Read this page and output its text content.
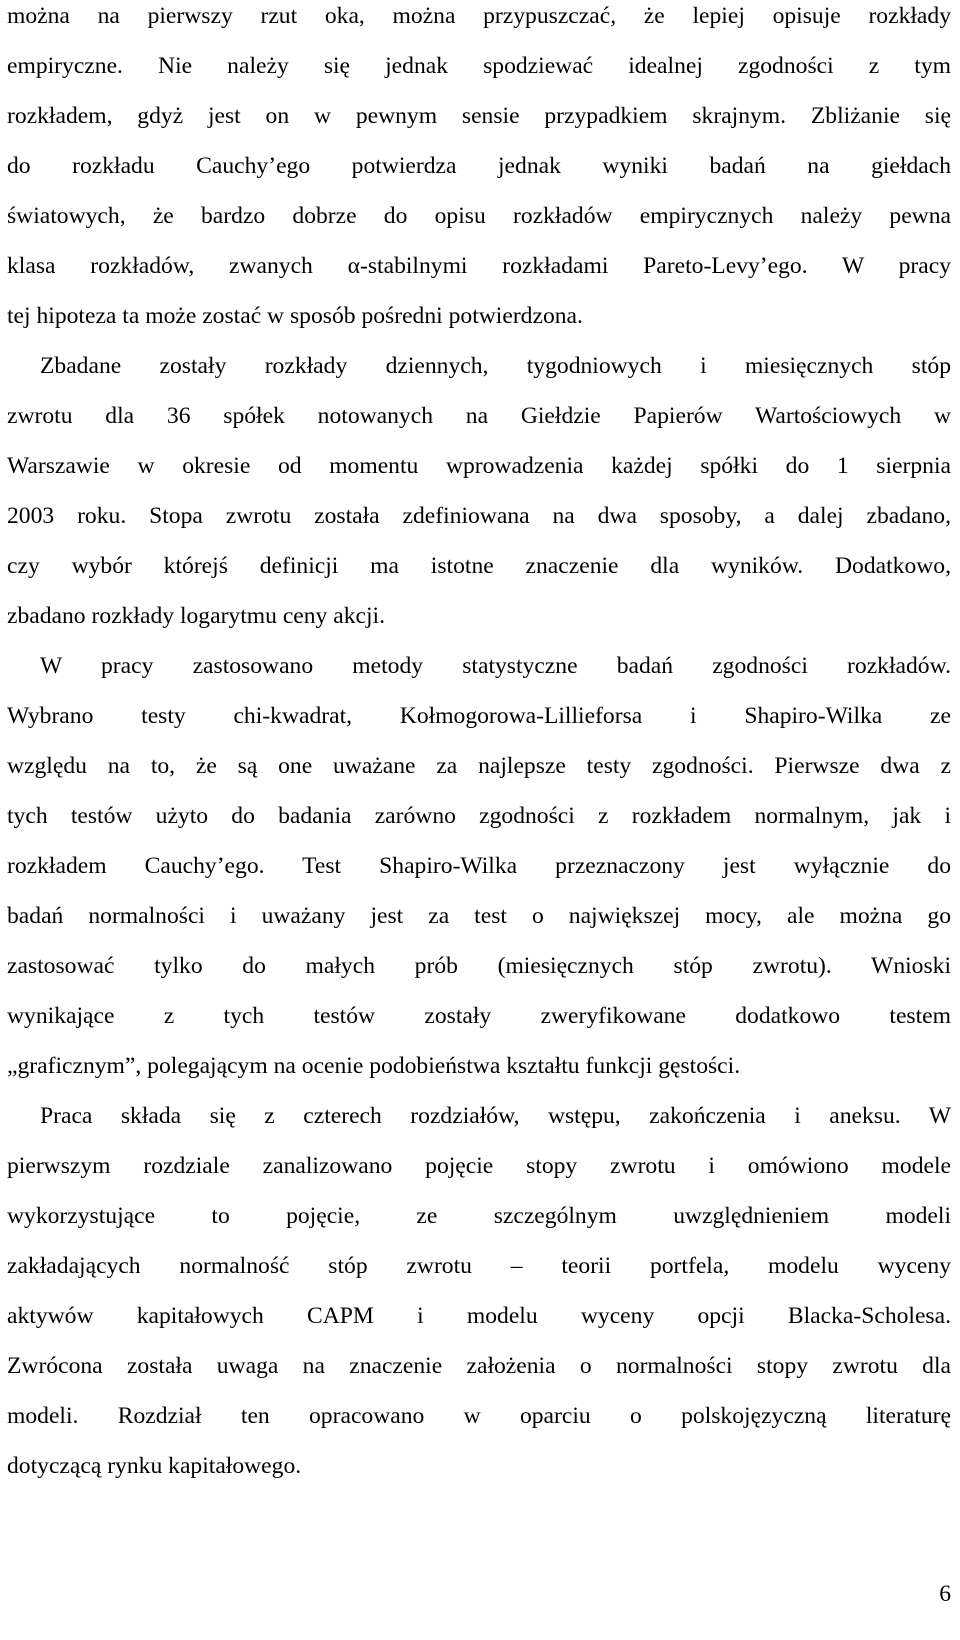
można na pierwszy rzut oka, można przypuszczać, że lepiej opisuje rozkłady
empiryczne. Nie należy się jednak spodziewać idealnej zgodności z tym
rozkładem, gdyż jest on w pewnym sensie przypadkiem skrajnym. Zbliżanie się
do rozkładu Cauchy’ego potwierdza jednak wyniki badań na giełdach
światowych, że bardzo dobrze do opisu rozkładów empirycznych należy pewna
klasa rozkładów, zwanych α-stabilnymi rozkładami Pareto-Levy’ego. W pracy
tej hipoteza ta może zostać w sposób pośredni potwierdzona.
Zbadane zostały rozkłady dziennych, tygodniowych i miesięcznych stóp
zwrotu dla 36 spółek notowanych na Giełdzie Papierów Wartościowych w
Warszawie w okresie od momentu wprowadzenia każdej spółki do 1 sierpnia
2003 roku. Stopa zwrotu została zdefiniowana na dwa sposoby, a dalej zbadano,
czy wybór którejś definicji ma istotne znaczenie dla wyników. Dodatkowo,
zbadano rozkłady logarytmu ceny akcji.
W pracy zastosowano metody statystyczne badań zgodności rozkładów.
Wybrano testy chi-kwadrat, Kołmogorowa-Lillieforsa i Shapiro-Wilka ze
względu na to, że są one uważane za najlepsze testy zgodności. Pierwsze dwa z
tych testów użyto do badania zarówno zgodności z rozkładem normalnym, jak i
rozkładem Cauchy’ego. Test Shapiro-Wilka przeznaczony jest wyłącznie do
badań normalności i uważany jest za test o największej mocy, ale można go
zastosować tylko do małych prób (miesięcznych stóp zwrotu). Wnioski
wynikające z tych testów zostały zweryfikowane dodatkowo testem
„graficznym”, polegającym na ocenie podobieństwa kształtu funkcji gęstości.
Praca składa się z czterech rozdziałów, wstępu, zakończenia i aneksu. W
pierwszym rozdziale zanalizowano pojęcie stopy zwrotu i omówiono modele
wykorzystujące to pojęcie, ze szczególnym uwzględnieniem modeli
zakładających normalność stóp zwrotu – teorii portfela, modelu wyceny
aktywów kapitałowych CAPM i modelu wyceny opcji Blacka-Scholesa.
Zwrócona została uwaga na znaczenie założenia o normalności stopy zwrotu dla
modeli. Rozdział ten opracowano w oparciu o polskojęzyczną literaturę
dotyczącą rynku kapitałowego.
6
